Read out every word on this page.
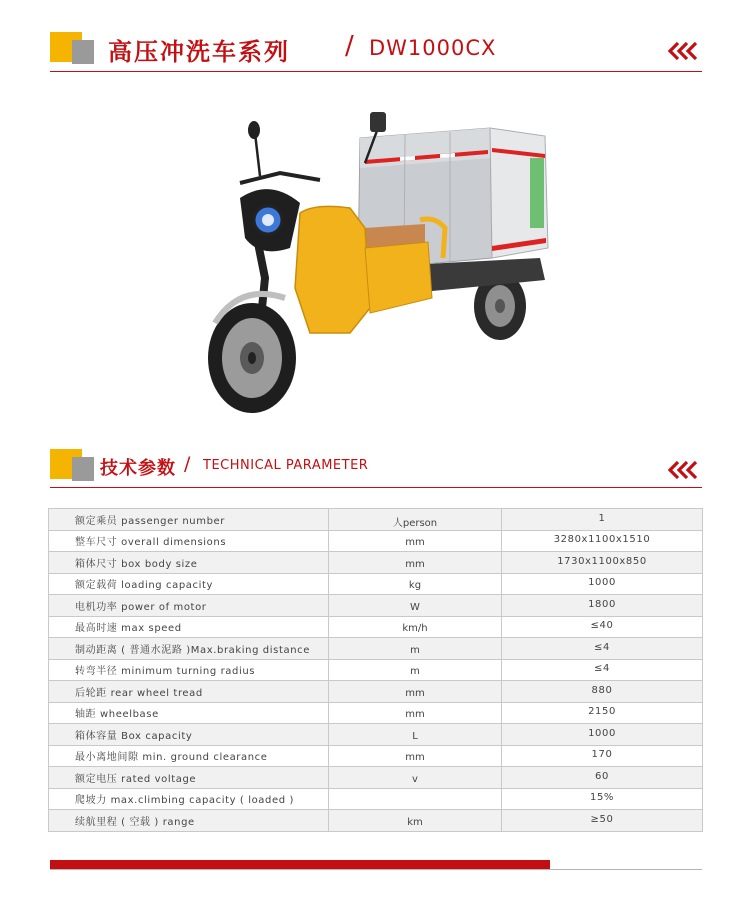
高压冲洗车系列 / DW1000CX
技术参数 / TECHNICAL PARAMETER
额定乘员 passenger number	人person	1
整车尺寸 overall dimensions	mm	3280x1100x1510
箱体尺寸 box body size	mm	1730x1100x850
额定载荷 loading capacity	kg	1000
电机功率 power of motor	W	1800
最高时速 max speed	km/h	≤40
制动距离 ( 普通水泥路 )Max.braking distance	m	≤4
转弯半径 minimum turning radius	m	≤4
后轮距 rear wheel tread	mm	880
轴距 wheelbase	mm	2150
箱体容量 Box capacity	L	1000
最小离地间隙 min. ground clearance	mm	170
额定电压 rated voltage	v	60
爬坡力 max.climbing capacity ( loaded )		15%
续航里程 ( 空载 ) range	km	≥50
